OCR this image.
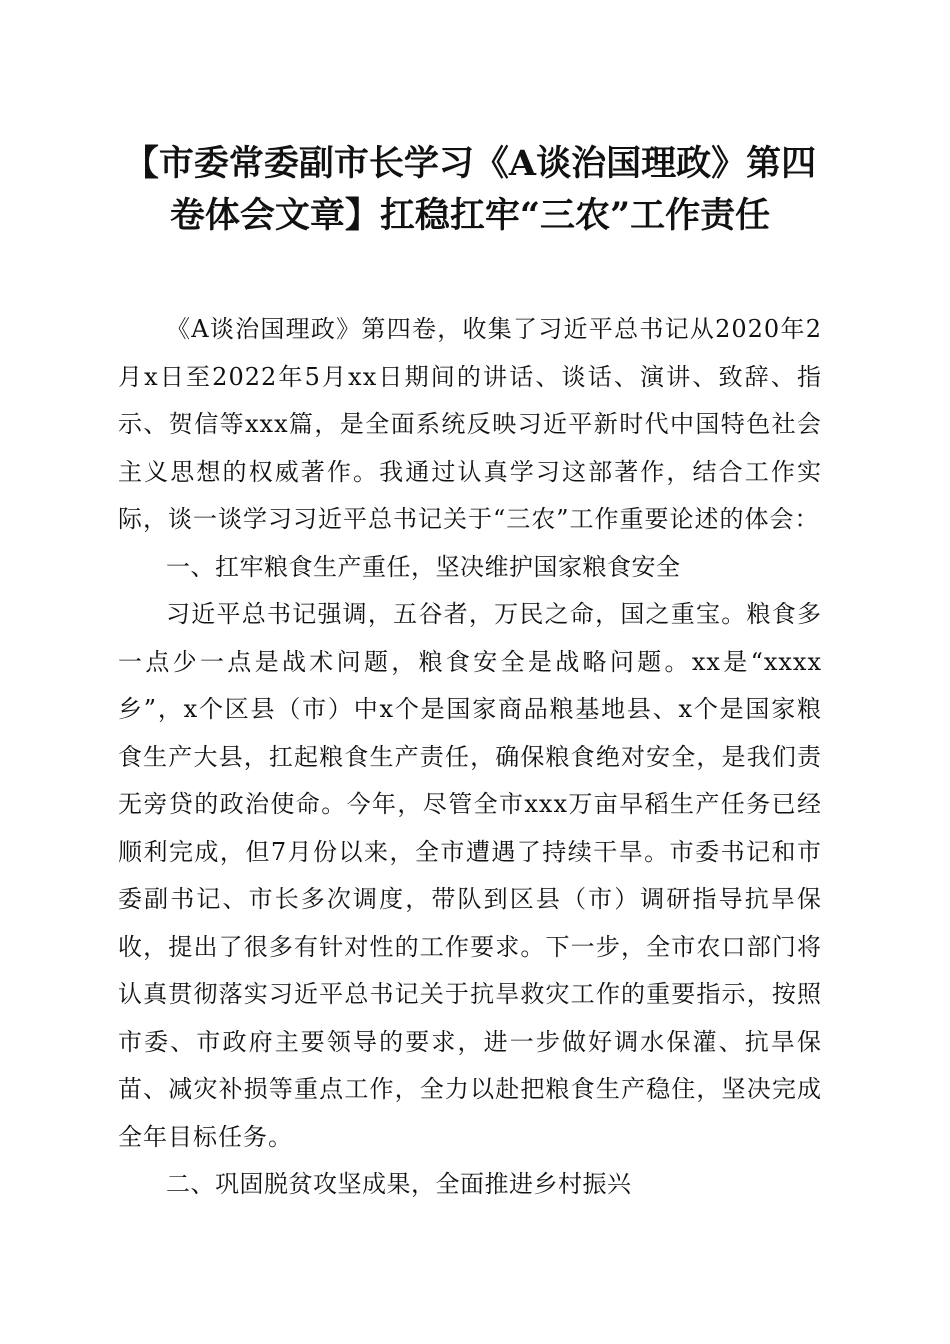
【市委常委副市长学习《A谈治国理政》第四
卷体会文章】扛稳扛牢“三农”工作责任

《A谈治国理政》第四卷，收集了习近平总书记从2020年2月x日至2022年5月xx日期间的讲话、谈话、演讲、致辞、指示、贺信等xxx篇，是全面系统反映习近平新时代中国特色社会主义思想的权威著作。我通过认真学习这部著作，结合工作实际，谈一谈学习习近平总书记关于“三农”工作重要论述的体会：

一、扛牢粮食生产重任，坚决维护国家粮食安全

习近平总书记强调，五谷者，万民之命，国之重宝。粮食多一点少一点是战术问题，粮食安全是战略问题。xx是“xxxx乡”，x个区县（市）中x个是国家商品粮基地县、x个是国家粮食生产大县，扛起粮食生产责任，确保粮食绝对安全，是我们责无旁贷的政治使命。今年，尽管全市xxx万亩早稻生产任务已经顺利完成，但7月份以来，全市遭遇了持续干旱。市委书记和市委副书记、市长多次调度，带队到区县（市）调研指导抗旱保收，提出了很多有针对性的工作要求。下一步，全市农口部门将认真贯彻落实习近平总书记关于抗旱救灾工作的重要指示，按照市委、市政府主要领导的要求，进一步做好调水保灌、抗旱保苗、减灾补损等重点工作，全力以赴把粮食生产稳住，坚决完成全年目标任务。

二、巩固脱贫攻坚成果，全面推进乡村振兴
